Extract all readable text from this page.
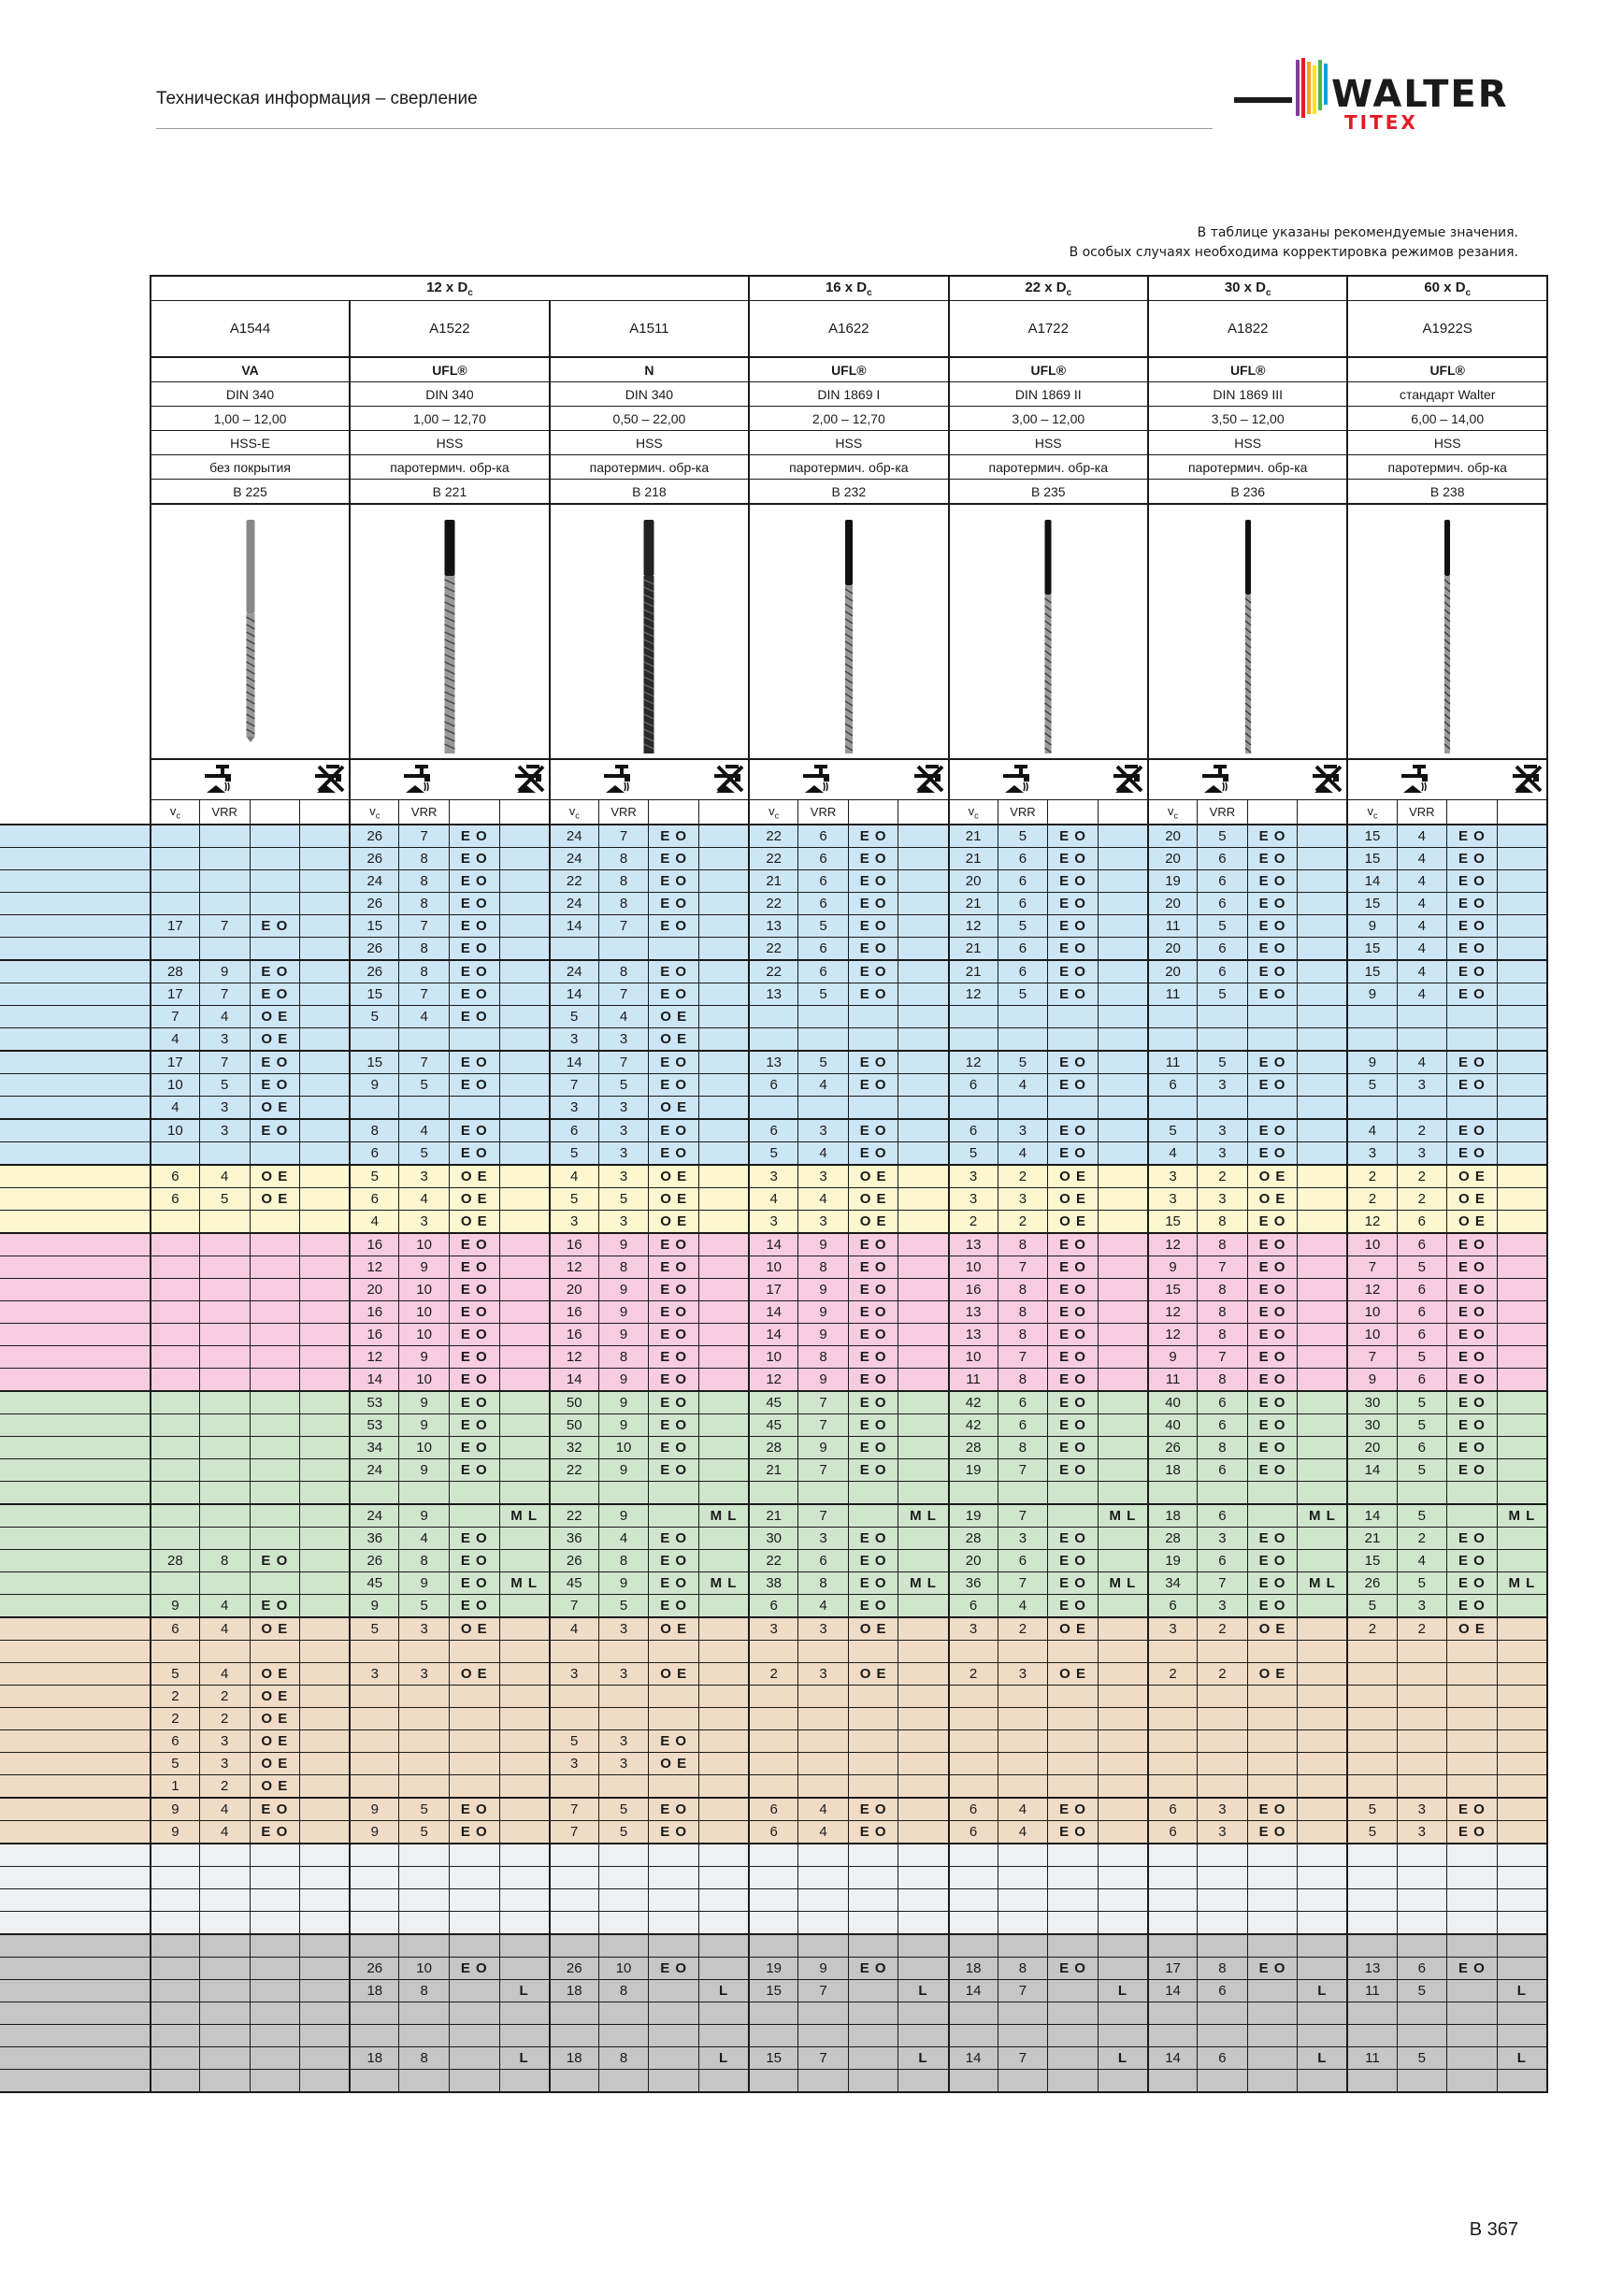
Техническая информация – сверление	WALTER
TITEX
В таблице указаны рекомендуемые значения.
В особых случаях необходима корректировка режимов резания.
	12 x $D_c$												16 x $D_c$				22 x $D_c$				30 x $D_c$				60 x $D_c$
	A1544				A1522				A1511				A1622				A1722				A1822				A1922S			
	VA				UFL®				N				UFL®				UFL®				UFL®				UFL®			
	DIN 340				DIN 340				DIN 340				DIN 1869 I				DIN 1869 II				DIN 1869 III				стандарт Walter			
	1,00 – 12,00				1,00 – 12,70				0,50 – 22,00				2,00 – 12,70				3,00 – 12,00				3,50 – 12,00				6,00 – 14,00			
	HSS-E				HSS				HSS				HSS				HSS				HSS				HSS			
	без покрытия				паротермич. обр-ка				паротермич. обр-ка				паротермич. обр-ка				паротермич. обр-ка				паротермич. обр-ка				паротермич. обр-ка			
	B 225				B 221				B 218				B 232				B 235				B 236				B 238			

	$v_c$	VRR			$v_c$	VRR			$v_c$	VRR			$v_c$	VRR			$v_c$	VRR			$v_c$	VRR			$v_c$	VRR		
					26	7	E O		24	7	E O		22	6	E O		21	5	E O		20	5	E O		15	4	E O	
					26	8	E O		24	8	E O		22	6	E O		21	6	E O		20	6	E O		15	4	E O	
					24	8	E O		22	8	E O		21	6	E O		20	6	E O		19	6	E O		14	4	E O	
					26	8	E O		24	8	E O		22	6	E O		21	6	E O		20	6	E O		15	4	E O	
	17	7	E O		15	7	E O		14	7	E O		13	5	E O		12	5	E O		11	5	E O		9	4	E O	
					26	8	E O						22	6	E O		21	6	E O		20	6	E O		15	4	E O	
	28	9	E O		26	8	E O		24	8	E O		22	6	E O		21	6	E O		20	6	E O		15	4	E O	
	17	7	E O		15	7	E O		14	7	E O		13	5	E O		12	5	E O		11	5	E O		9	4	E O	
	7	4	O E		5	4	E O		5	4	O E																	
	4	3	O E						3	3	O E																	
	17	7	E O		15	7	E O		14	7	E O		13	5	E O		12	5	E O		11	5	E O		9	4	E O	
	10	5	E O		9	5	E O		7	5	E O		6	4	E O		6	4	E O		6	3	E O		5	3	E O	
	4	3	O E						3	3	O E																	
	10	3	E O		8	4	E O		6	3	E O		6	3	E O		6	3	E O		5	3	E O		4	2	E O	
					6	5	E O		5	3	E O		5	4	E O		5	4	E O		4	3	E O		3	3	E O	
	6	4	O E		5	3	O E		4	3	O E		3	3	O E		3	2	O E		3	2	O E		2	2	O E	
	6	5	O E		6	4	O E		5	5	O E		4	4	O E		3	3	O E		3	3	O E		2	2	O E	
					4	3	O E		3	3	O E		3	3	O E		2	2	O E		15	8	E O		12	6	O E	
					16	10	E O		16	9	E O		14	9	E O		13	8	E O		12	8	E O		10	6	E O	
					12	9	E O		12	8	E O		10	8	E O		10	7	E O		9	7	E O		7	5	E O	
					20	10	E O		20	9	E O		17	9	E O		16	8	E O		15	8	E O		12	6	E O	
					16	10	E O		16	9	E O		14	9	E O		13	8	E O		12	8	E O		10	6	E O	
					16	10	E O		16	9	E O		14	9	E O		13	8	E O		12	8	E O		10	6	E O	
					12	9	E O		12	8	E O		10	8	E O		10	7	E O		9	7	E O		7	5	E O	
					14	10	E O		14	9	E O		12	9	E O		11	8	E O		11	8	E O		9	6	E O	
					53	9	E O		50	9	E O		45	7	E O		42	6	E O		40	6	E O		30	5	E O	
					53	9	E O		50	9	E O		45	7	E O		42	6	E O		40	6	E O		30	5	E O	
					34	10	E O		32	10	E O		28	9	E O		28	8	E O		26	8	E O		20	6	E O	
					24	9	E O		22	9	E O		21	7	E O		19	7	E O		18	6	E O		14	5	E O	

					24	9		M L	22	9		M L	21	7		M L	19	7		M L	18	6		M L	14	5		M L
					36	4	E O		36	4	E O		30	3	E O		28	3	E O		28	3	E O		21	2	E O	
	28	8	E O		26	8	E O		26	8	E O		22	6	E O		20	6	E O		19	6	E O		15	4	E O	
					45	9	E O	M L	45	9	E O	M L	38	8	E O	M L	36	7	E O	M L	34	7	E O	M L	26	5	E O	M L
	9	4	E O		9	5	E O		7	5	E O		6	4	E O		6	4	E O		6	3	E O		5	3	E O	
	6	4	O E		5	3	O E		4	3	O E		3	3	O E		3	2	O E		3	2	O E		2	2	O E	

	5	4	O E		3	3	O E		3	3	O E		2	3	O E		2	3	O E		2	2	O E					
	2	2	O E																									
	2	2	O E																									
	6	3	O E						5	3	E O																	
	5	3	O E						3	3	O E																	
	1	2	O E																									
	9	4	E O		9	5	E O		7	5	E O		6	4	E O		6	4	E O		6	3	E O		5	3	E O	
	9	4	E O		9	5	E O		7	5	E O		6	4	E O		6	4	E O		6	3	E O		5	3	E O	

					26	10	E O		26	10	E O		19	9	E O		18	8	E O		17	8	E O		13	6	E O	
					18	8		L	18	8		L	15	7		L	14	7		L	14	6		L	11	5		L

					18	8		L	18	8		L	15	7		L	14	7		L	14	6		L	11	5		L

B 367
